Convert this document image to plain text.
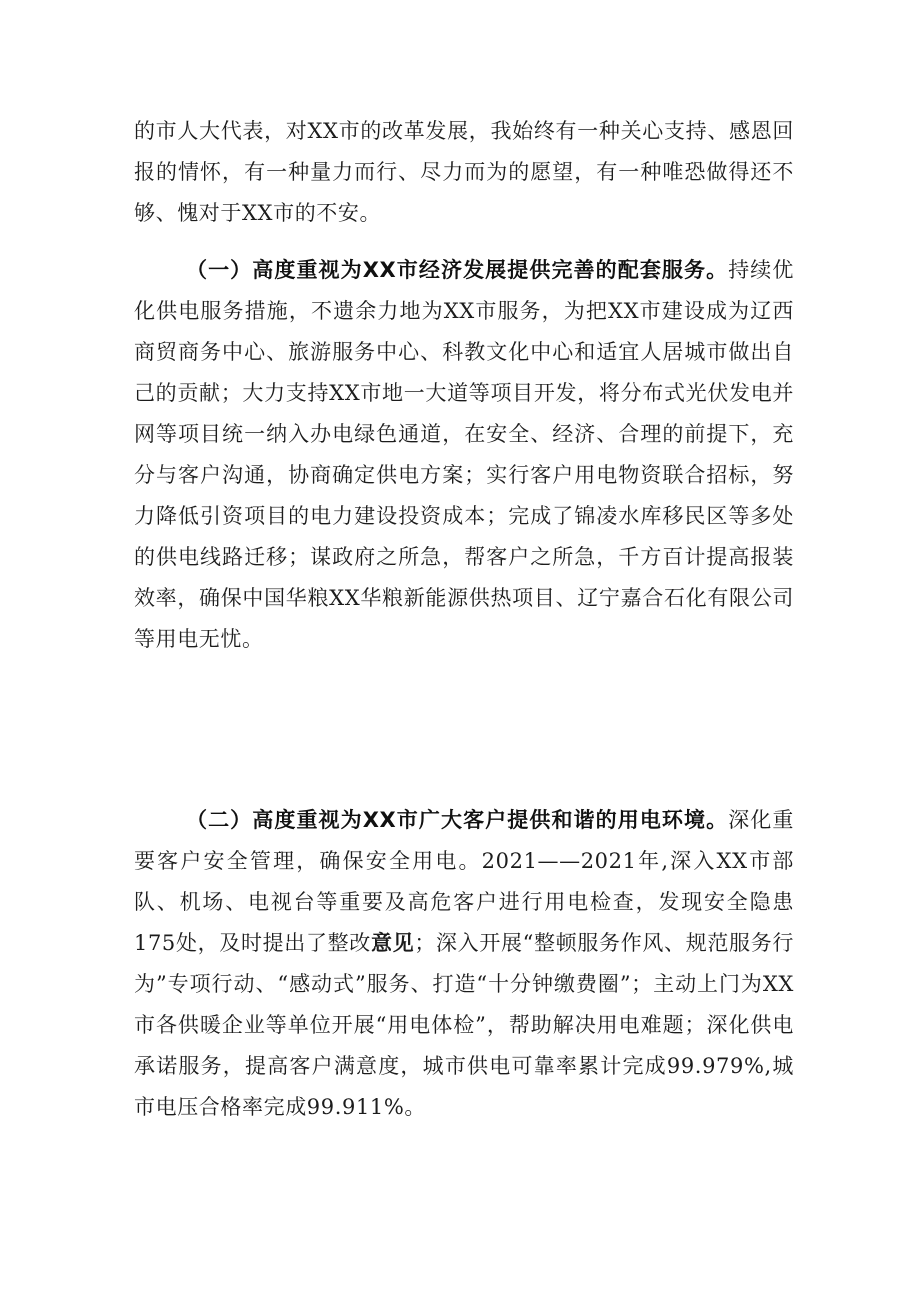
的市人大代表，对XX市的改革发展，我始终有一种关心支持、感恩回报的情怀，有一种量力而行、尽力而为的愿望，有一种唯恐做得还不够、愧对于XX市的不安。

（一）高度重视为XX市经济发展提供完善的配套服务。持续优化供电服务措施，不遗余力地为XX市服务，为把XX市建设成为辽西商贸商务中心、旅游服务中心、科教文化中心和适宜人居城市做出自己的贡献；大力支持XX市地一大道等项目开发，将分布式光伏发电并网等项目统一纳入办电绿色通道，在安全、经济、合理的前提下，充分与客户沟通，协商确定供电方案；实行客户用电物资联合招标，努力降低引资项目的电力建设投资成本；完成了锦凌水库移民区等多处的供电线路迁移；谋政府之所急，帮客户之所急，千方百计提高报装效率，确保中国华粮XX华粮新能源供热项目、辽宁嘉合石化有限公司等用电无忧。

（二）高度重视为XX市广大客户提供和谐的用电环境。深化重要客户安全管理，确保安全用电。2021——2021年,深入XX市部队、机场、电视台等重要及高危客户进行用电检查，发现安全隐患175处，及时提出了整改意见；深入开展“整顿服务作风、规范服务行为”专项行动、“感动式”服务、打造“十分钟缴费圈”；主动上门为XX市各供暖企业等单位开展“用电体检”，帮助解决用电难题；深化供电承诺服务，提高客户满意度，城市供电可靠率累计完成99.979%,城市电压合格率完成99.911%。
